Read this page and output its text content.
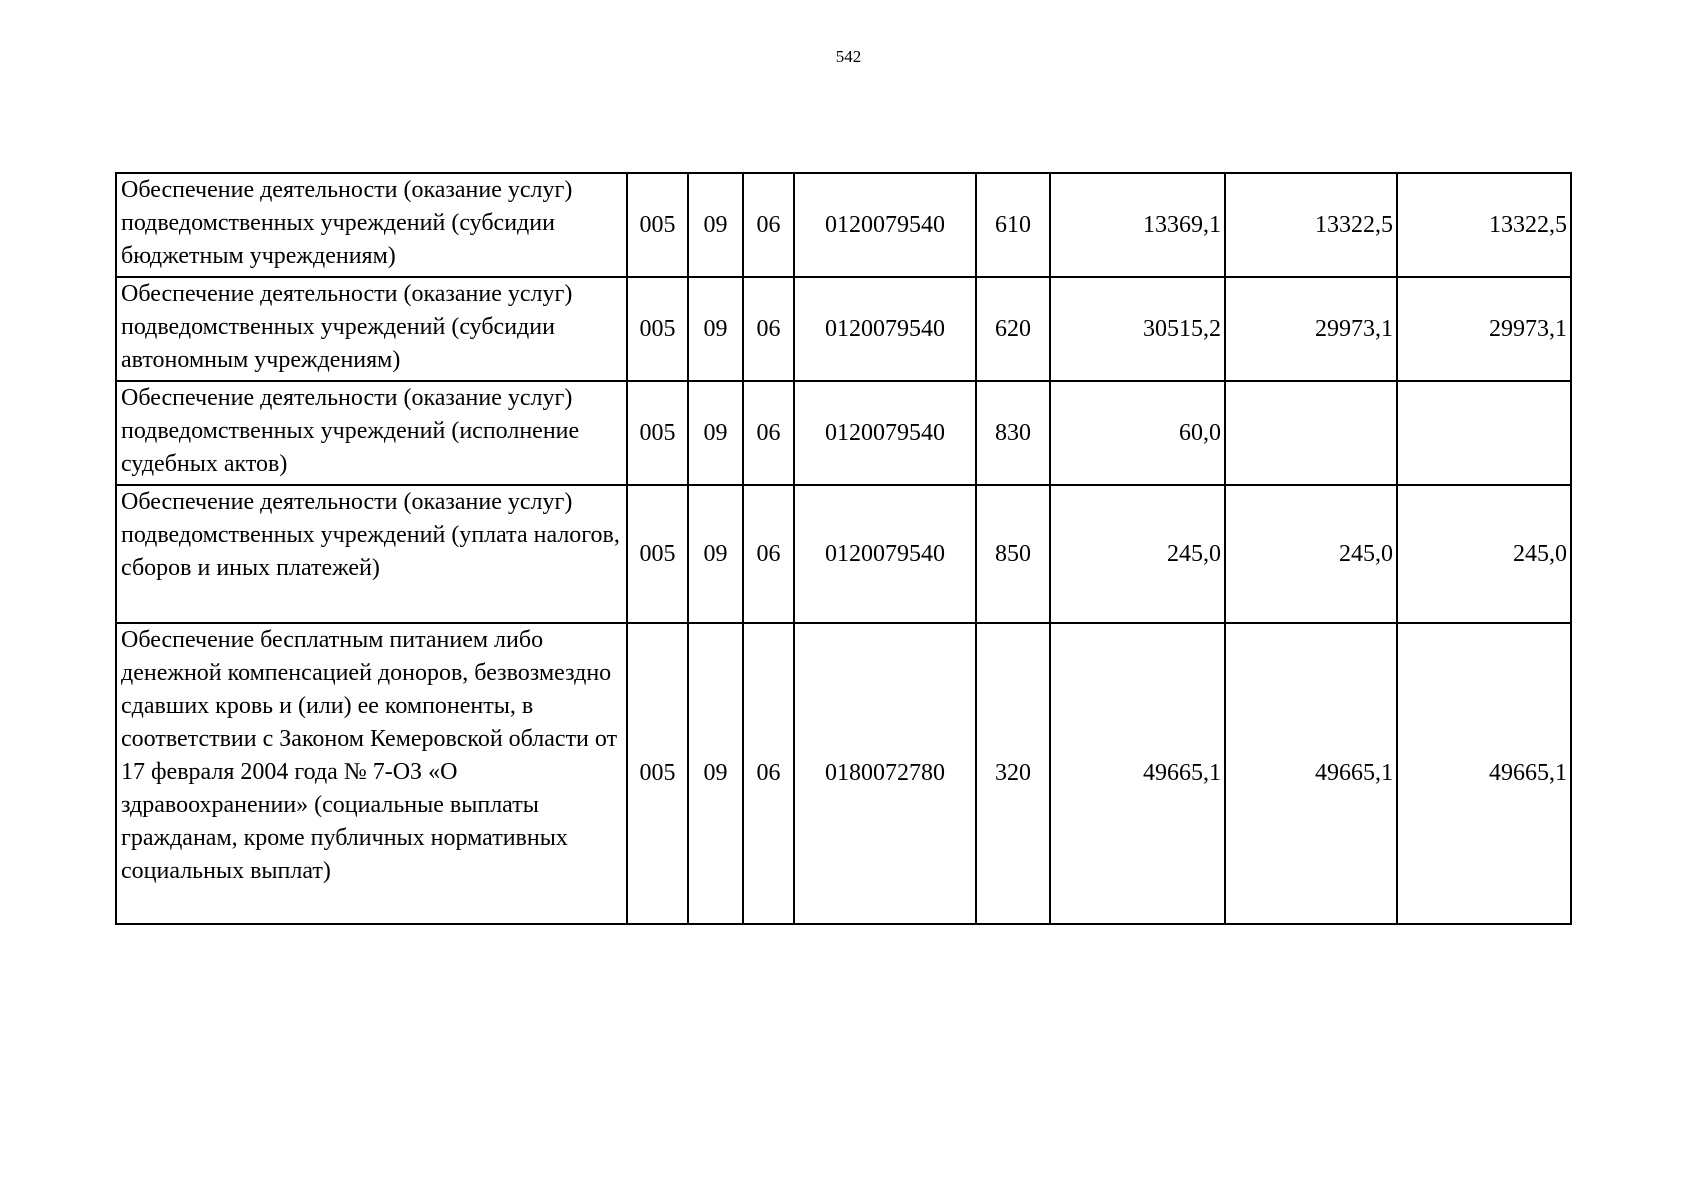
542
Обеспечение деятельности (оказание услуг) подведомственных учреждений (субсидии бюджетным учреждениям)	005	09	06	0120079540	610	13369,1	13322,5	13322,5
Обеспечение деятельности (оказание услуг) подведомственных учреждений (субсидии автономным учреждениям)	005	09	06	0120079540	620	30515,2	29973,1	29973,1
Обеспечение деятельности (оказание услуг) подведомственных учреждений (исполнение судебных актов)	005	09	06	0120079540	830	60,0		
Обеспечение деятельности (оказание услуг) подведомственных учреждений (уплата налогов, сборов и иных платежей)	005	09	06	0120079540	850	245,0	245,0	245,0
Обеспечение бесплатным питанием либо денежной компенсацией доноров, безвозмездно сдавших кровь и (или) ее компоненты, в соответствии с Законом Кемеровской области от 17 февраля 2004 года № 7-ОЗ «О здравоохранении» (социальные выплаты гражданам, кроме публичных нормативных социальных выплат)	005	09	06	0180072780	320	49665,1	49665,1	49665,1
